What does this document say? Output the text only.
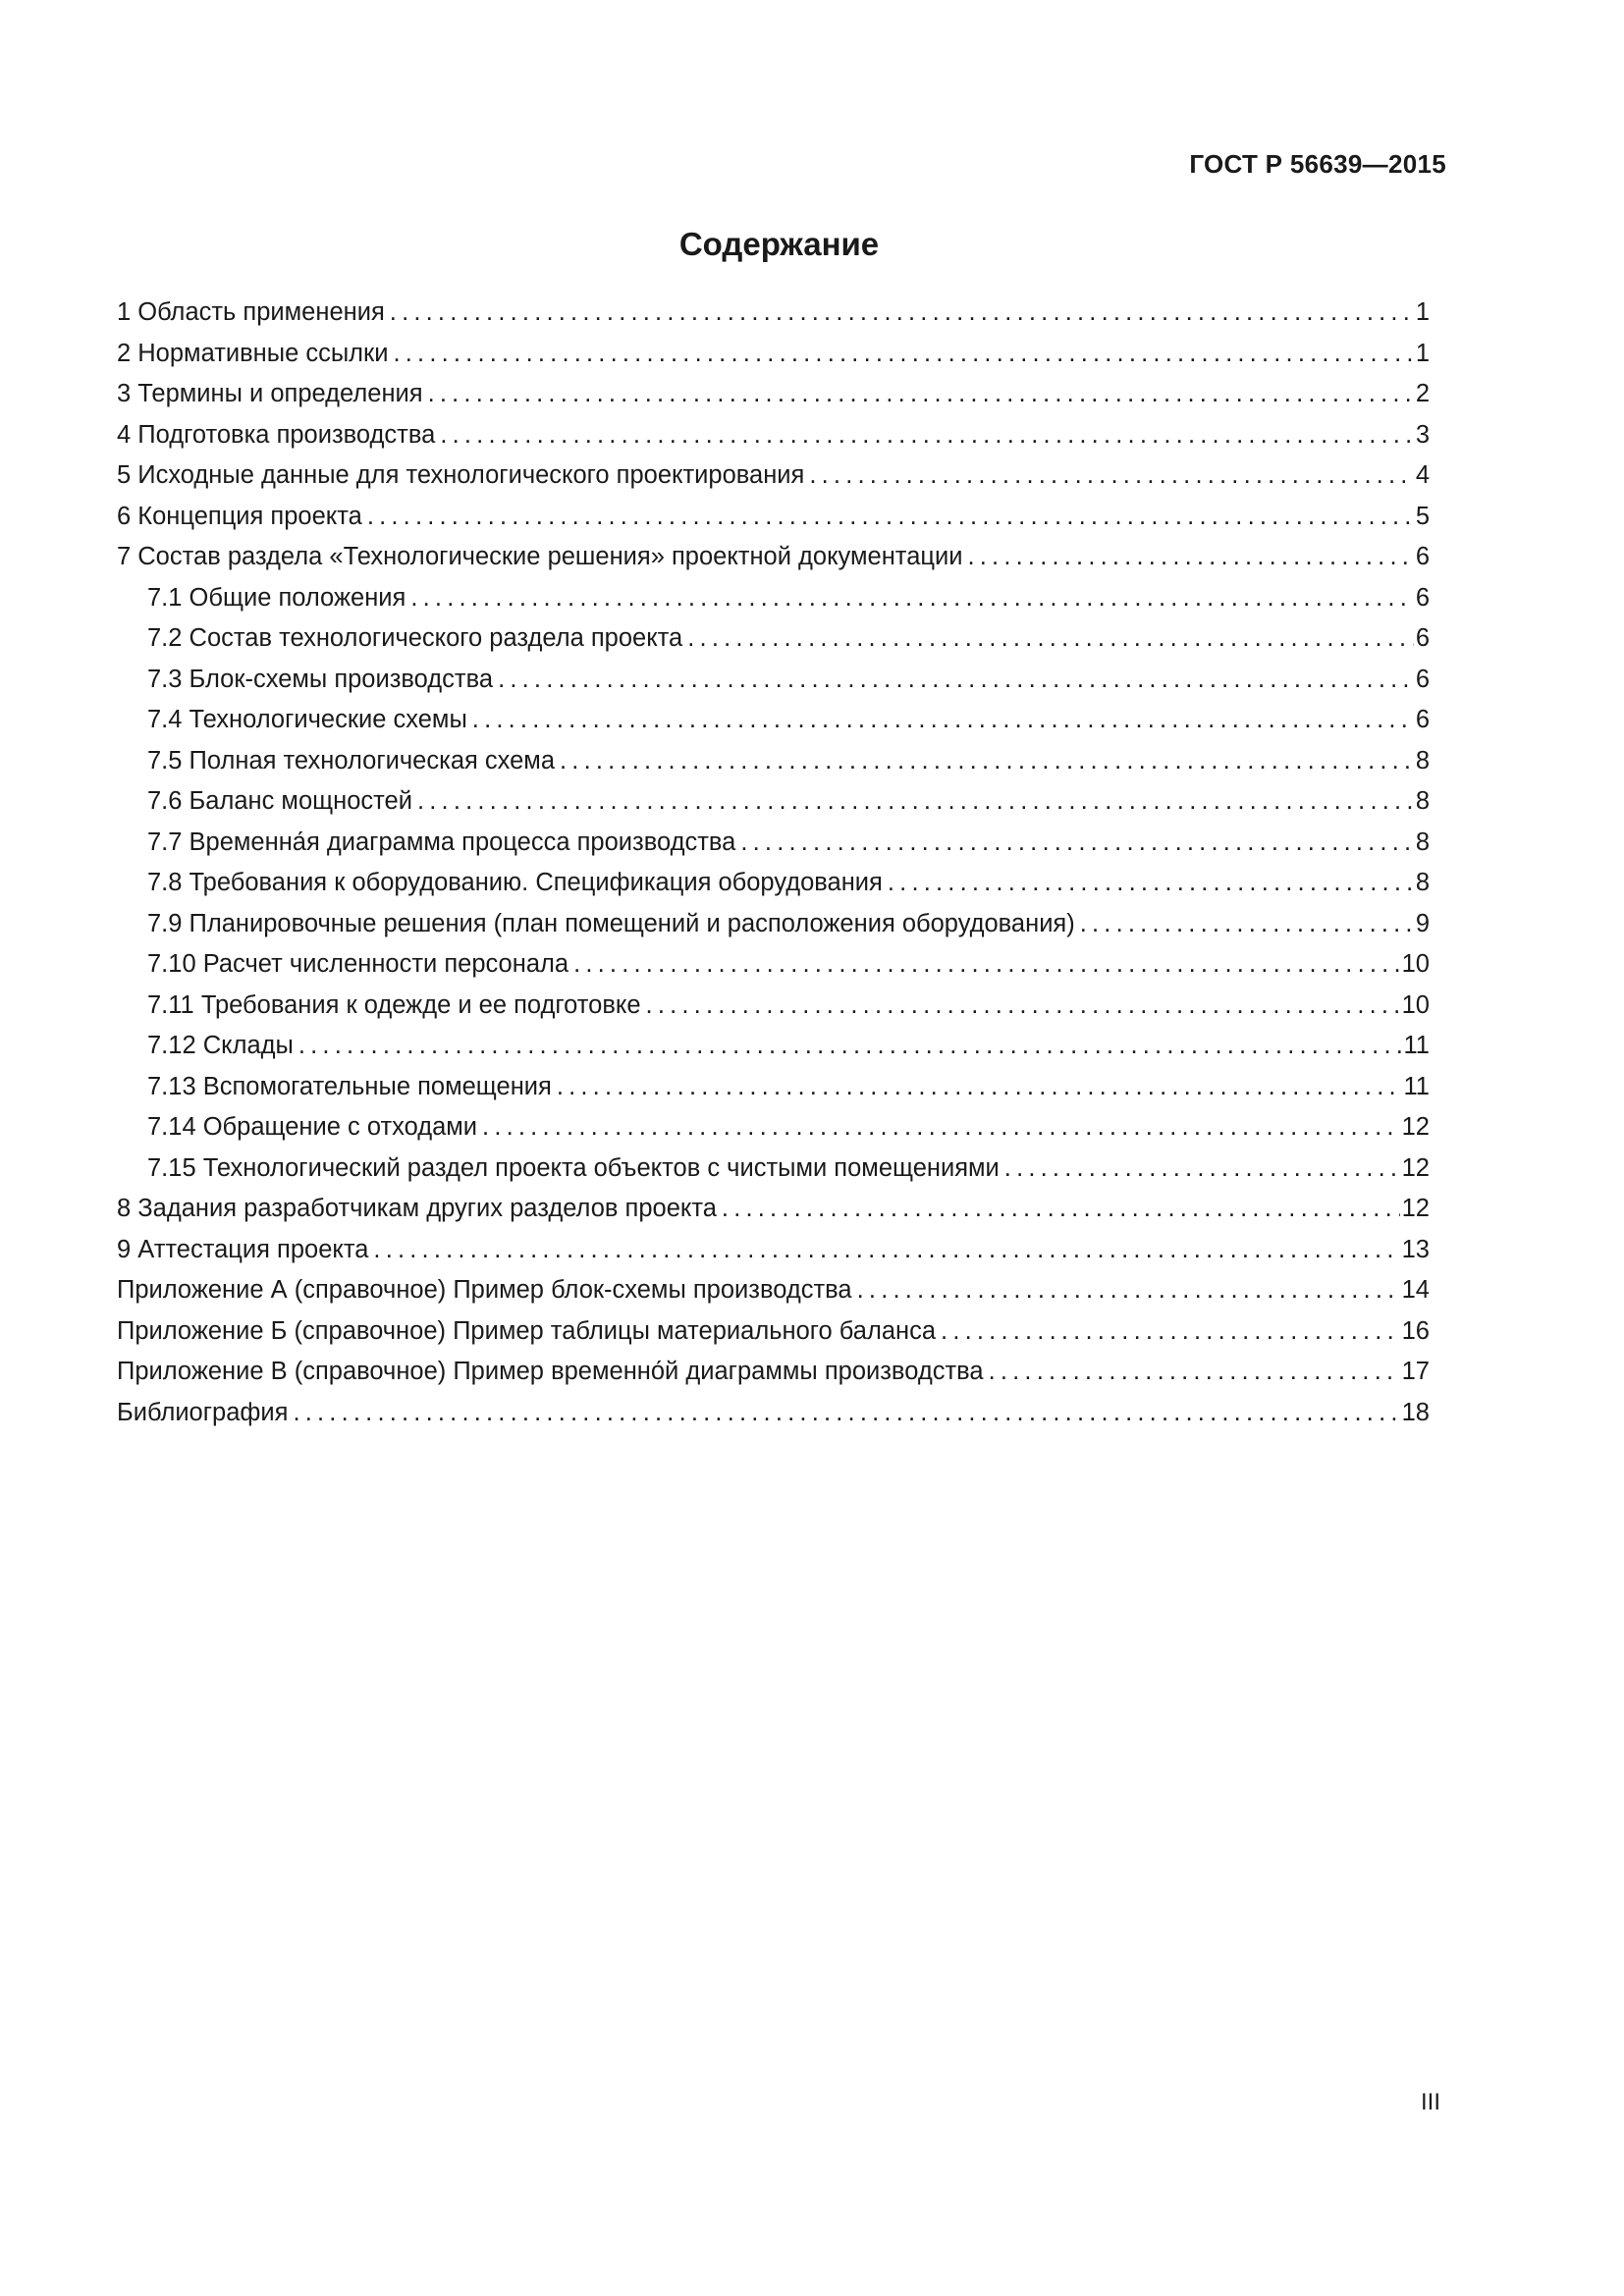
ГОСТ Р 56639—2015
Содержание
1 Область применения .....	1
2 Нормативные ссылки .....	1
3 Термины и определения .....	2
4 Подготовка производства .....	3
5 Исходные данные для технологического проектирования .....	4
6 Концепция проекта .....	5
7 Состав раздела «Технологические решения» проектной документации .....	6
7.1 Общие положения .....	6
7.2 Состав технологического раздела проекта .....	6
7.3 Блок-схемы производства .....	6
7.4 Технологические схемы .....	6
7.5 Полная технологическая схема .....	8
7.6 Баланс мощностей .....	8
7.7 Временна́я диаграмма процесса производства .....	8
7.8 Требования к оборудованию. Спецификация оборудования .....	8
7.9 Планировочные решения (план помещений и расположения оборудования) .....	9
7.10 Расчет численности персонала .....	10
7.11 Требования к одежде и ее подготовке .....	10
7.12 Склады .....	11
7.13 Вспомогательные помещения .....	11
7.14 Обращение с отходами .....	12
7.15 Технологический раздел проекта объектов с чистыми помещениями .....	12
8 Задания разработчикам других разделов проекта .....	12
9 Аттестация проекта .....	13
Приложение А (справочное) Пример блок-схемы производства .....	14
Приложение Б (справочное) Пример таблицы материального баланса .....	16
Приложение В (справочное) Пример временно́й диаграммы производства .....	17
Библиография .....	18
III
